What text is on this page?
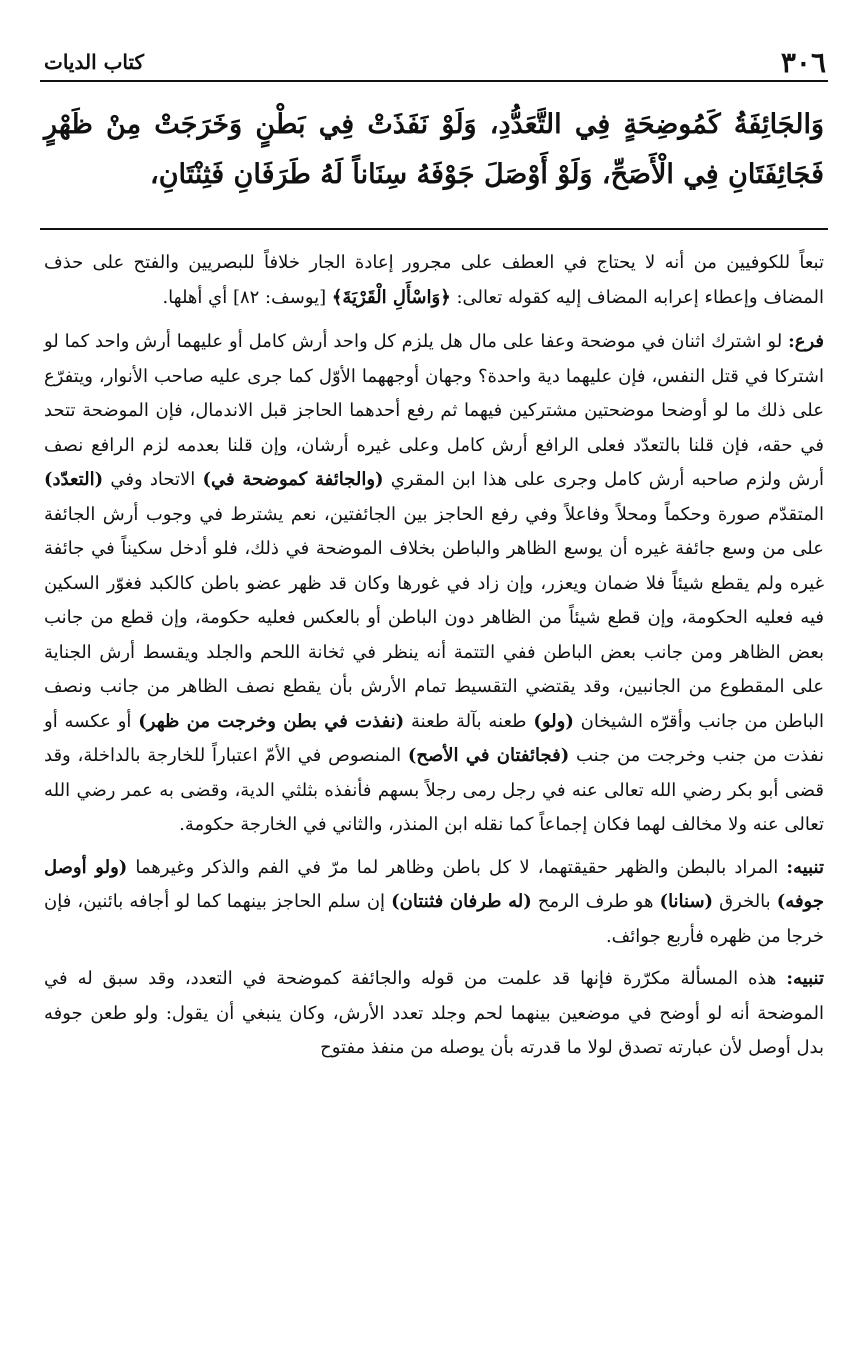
٣٠٦
كتاب الديات
وَالجَائِفَةُ كَمُوضِحَةٍ فِي التَّعَدُّدِ، وَلَوْ نَفَذَتْ فِي بَطْنٍ وَخَرَجَتْ مِنْ ظَهْرٍ فَجَائِفَتَانِ فِي الْأَصَحِّ، وَلَوْ أَوْصَلَ جَوْفَهُ سِنَاناً لَهُ طَرَفَانِ فَثِنْتَانِ،

تبعاً للكوفيين من أنه لا يحتاج في العطف على مجرور إعادة الجار خلافاً للبصريين والفتح على حذف المضاف وإعطاء إعرابه المضاف إليه كقوله تعالى: ﴿وَاسْأَلِ الْقَرْيَةَ﴾ [يوسف: ٨٢] أي أهلها.

فرع: لو اشترك اثنان في موضحة وعفا على مال هل يلزم كل واحد أرش كامل أو عليهما أرش واحد كما لو اشتركا في قتل النفس، فإن عليهما دية واحدة؟ وجهان أوجههما الأوّل كما جرى عليه صاحب الأنوار، ويتفرّع على ذلك ما لو أوضحا موضحتين مشتركين فيهما ثم رفع أحدهما الحاجز قبل الاندمال، فإن الموضحة تتحد في حقه، فإن قلنا بالتعدّد فعلى الرافع أرش كامل وعلى غيره أرشان، وإن قلنا بعدمه لزم الرافع نصف أرش ولزم صاحبه أرش كامل وجرى على هذا ابن المقري (والجائفة كموضحة في) الاتحاد وفي (التعدّد) المتقدّم صورة وحكماً ومحلاً وفاعلاً وفي رفع الحاجز بين الجائفتين، نعم يشترط في وجوب أرش الجائفة على من وسع جائفة غيره أن يوسع الظاهر والباطن بخلاف الموضحة في ذلك، فلو أدخل سكيناً في جائفة غيره ولم يقطع شيئاً فلا ضمان ويعزر، وإن زاد في غورها وكان قد ظهر عضو باطن كالكبد فغوّر السكين فيه فعليه الحكومة، وإن قطع شيئاً من الظاهر دون الباطن أو بالعكس فعليه حكومة، وإن قطع من جانب بعض الظاهر ومن جانب بعض الباطن ففي التتمة أنه ينظر في ثخانة اللحم والجلد ويقسط أرش الجناية على المقطوع من الجانبين، وقد يقتضي التقسيط تمام الأرش بأن يقطع نصف الظاهر من جانب ونصف الباطن من جانب وأقرّه الشيخان (ولو) طعنه بآلة طعنة (نفذت في بطن وخرجت من ظهر) أو عكسه أو نفذت من جنب وخرجت من جنب (فجائفتان في الأصح) المنصوص في الأمّ اعتباراً للخارجة بالداخلة، وقد قضى أبو بكر رضي الله تعالى عنه في رجل رمى رجلاً بسهم فأنفذه بثلثي الدية، وقضى به عمر رضي الله تعالى عنه ولا مخالف لهما فكان إجماعاً كما نقله ابن المنذر، والثاني في الخارجة حكومة.

تنبيه: المراد بالبطن والظهر حقيقتهما، لا كل باطن وظاهر لما مرّ في الفم والذكر وغيرهما (ولو أوصل جوفه) بالخرق (سنانا) هو طرف الرمح (له طرفان فثنتان) إن سلم الحاجز بينهما كما لو أجافه بائنين، فإن خرجا من ظهره فأربع جوائف.

تنبيه: هذه المسألة مكرّرة فإنها قد علمت من قوله والجائفة كموضحة في التعدد، وقد سبق له في الموضحة أنه لو أوضح في موضعين بينهما لحم وجلد تعدد الأرش، وكان ينبغي أن يقول: ولو طعن جوفه بدل أوصل لأن عبارته تصدق لولا ما قدرته بأن يوصله من منفذ مفتوح
